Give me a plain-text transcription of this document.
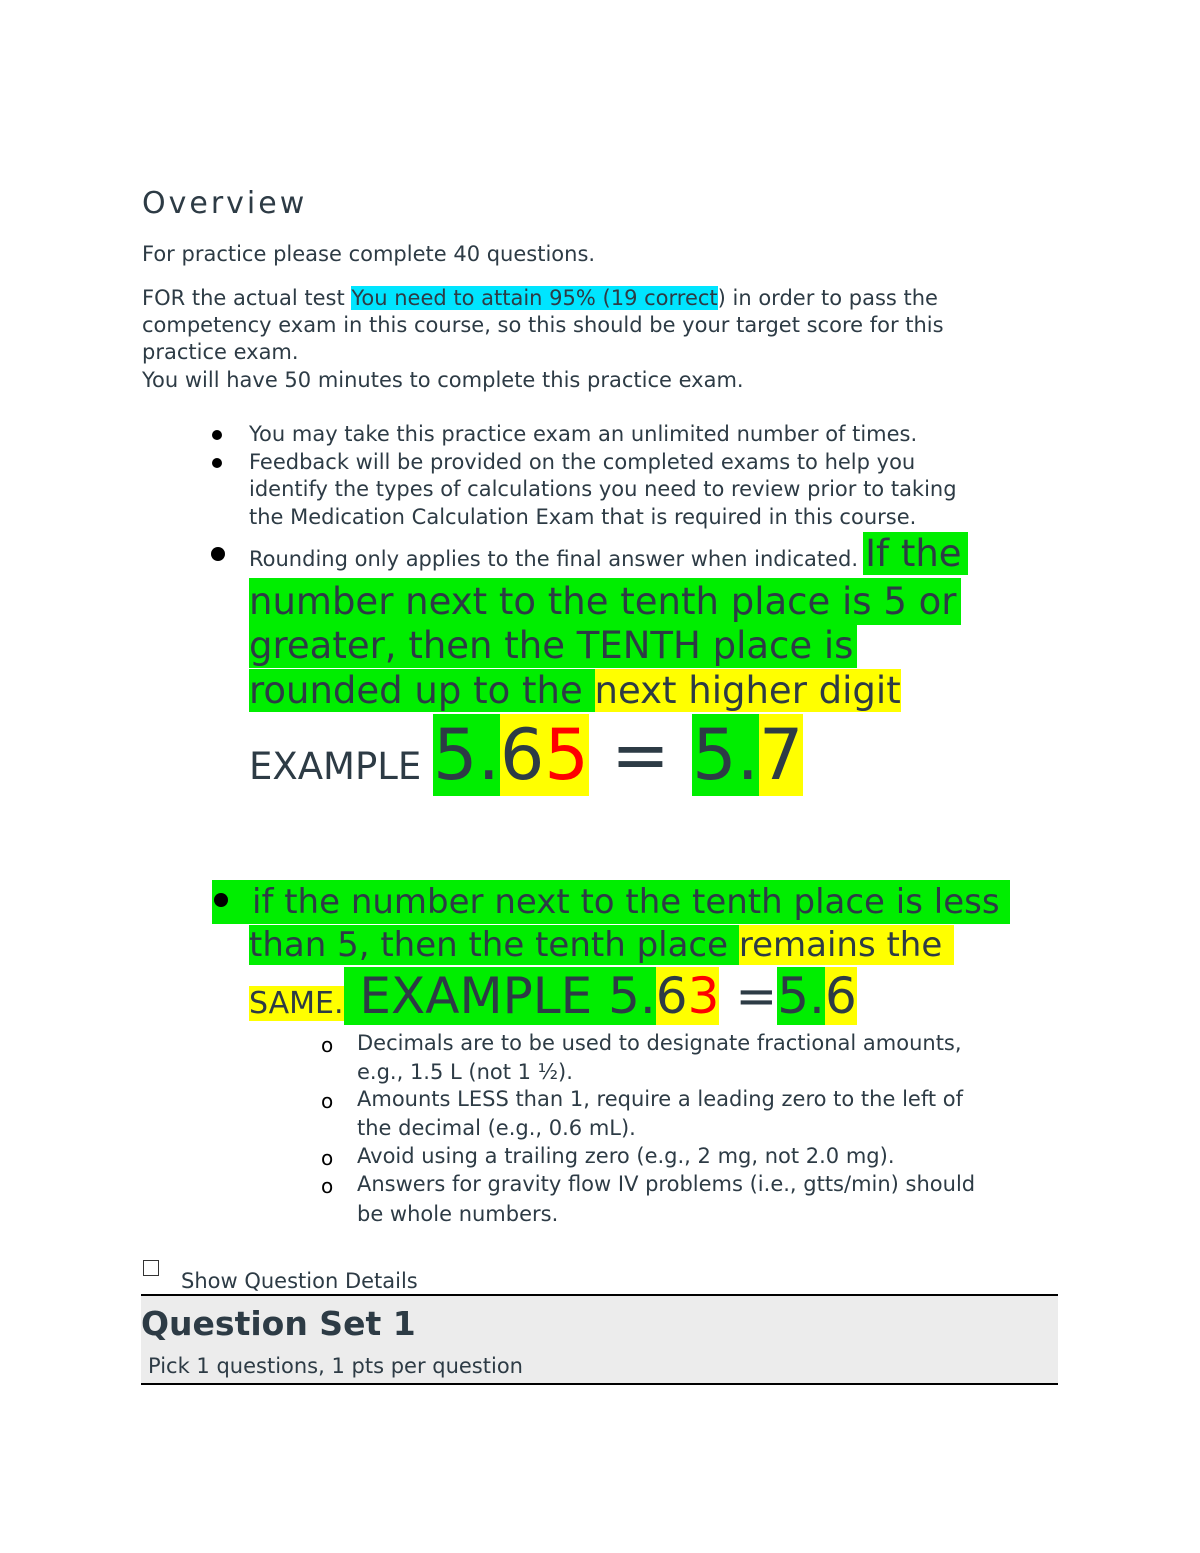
Overview
For practice please complete 40 questions.
FOR the actual test You need to attain 95% (19 correct) in order to pass the
competency exam in this course, so this should be your target score for this
practice exam.
You will have 50 minutes to complete this practice exam.
You may take this practice exam an unlimited number of times.
Feedback will be provided on the completed exams to help you
identify the types of calculations you need to review prior to taking
the Medication Calculation Exam that is required in this course.
Rounding only applies to the final answer when indicated. If the
number next to the tenth place is 5 or
greater, then the TENTH place is
rounded up to the next higher digit
EXAMPLE 5.65 = 5.7
if the number next to the tenth place is less
than 5, then the tenth place remains the
SAME. EXAMPLE 5.63 =5.6
o Decimals are to be used to designate fractional amounts,
e.g., 1.5 L (not 1 ½).
o Amounts LESS than 1, require a leading zero to the left of
the decimal (e.g., 0.6 mL).
o Avoid using a trailing zero (e.g., 2 mg, not 2.0 mg).
o Answers for gravity flow IV problems (i.e., gtts/min) should
be whole numbers.
Show Question Details
Question Set 1
Pick 1 questions, 1 pts per question
